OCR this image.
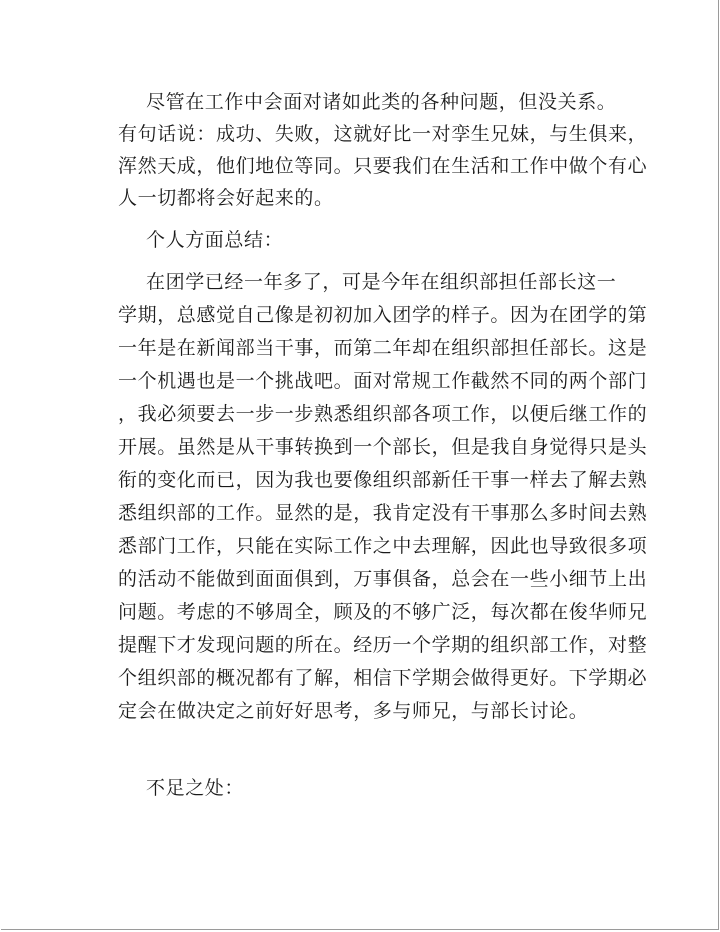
尽管在工作中会面对诸如此类的各种问题，但没关系。
有句话说：成功、失败，这就好比一对孪生兄妹，与生俱来，
浑然天成，他们地位等同。只要我们在生活和工作中做个有心
人一切都将会好起来的。
个人方面总结：
在团学已经一年多了，可是今年在组织部担任部长这一
学期，总感觉自己像是初初加入团学的样子。因为在团学的第
一年是在新闻部当干事，而第二年却在组织部担任部长。这是
一个机遇也是一个挑战吧。面对常规工作截然不同的两个部门
，我必须要去一步一步熟悉组织部各项工作，以便后继工作的
开展。虽然是从干事转换到一个部长，但是我自身觉得只是头
衔的变化而已，因为我也要像组织部新任干事一样去了解去熟
悉组织部的工作。显然的是，我肯定没有干事那么多时间去熟
悉部门工作，只能在实际工作之中去理解，因此也导致很多项
的活动不能做到面面俱到，万事俱备，总会在一些小细节上出
问题。考虑的不够周全，顾及的不够广泛，每次都在俊华师兄
提醒下才发现问题的所在。经历一个学期的组织部工作，对整
个组织部的概况都有了解，相信下学期会做得更好。下学期必
定会在做决定之前好好思考，多与师兄，与部长讨论。
不足之处：
